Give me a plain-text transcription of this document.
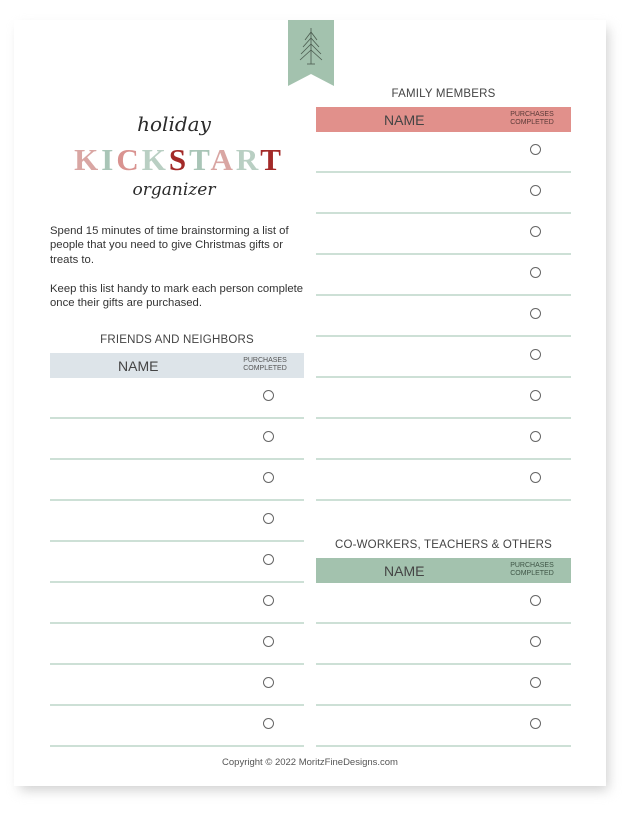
holiday
KICKSTART
organizer
Spend 15 minutes of time brainstorming a list of people that you need to give Christmas gifts or treats to.
Keep this list handy to mark each person complete once their gifts are purchased.
FRIENDS AND NEIGHBORS
NAME	PURCHASES COMPLETED
FAMILY MEMBERS
NAME	PURCHASES COMPLETED
CO-WORKERS, TEACHERS & OTHERS
NAME	PURCHASES COMPLETED
Copyright © 2022 MoritzFineDesigns.com
